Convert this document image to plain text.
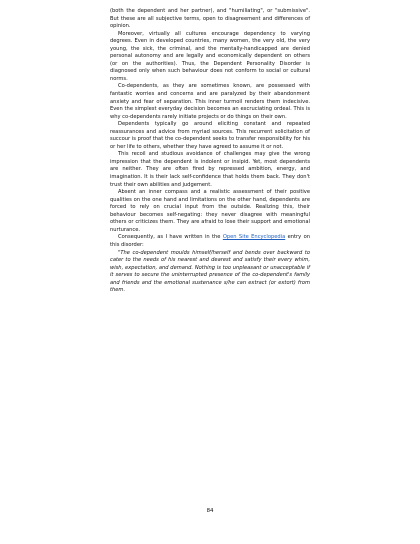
(both the dependent and her partner), and "humiliating", or "submissive". But these are all subjective terms, open to disagreement and differences of opinion.

Moreover, virtually all cultures encourage dependency to varying degrees. Even in developed countries, many women, the very old, the very young, the sick, the criminal, and the mentally-handicapped are denied personal autonomy and are legally and economically dependent on others (or on the authorities). Thus, the Dependent Personality Disorder is diagnosed only when such behaviour does not conform to social or cultural norms.

Co-dependents, as they are sometimes known, are possessed with fantastic worries and concerns and are paralyzed by their abandonment anxiety and fear of separation. This inner turmoil renders them indecisive. Even the simplest everyday decision becomes an excruciating ordeal. This is why co-dependents rarely initiate projects or do things on their own.

Dependents typically go around eliciting constant and repeated reassurances and advice from myriad sources. This recurrent solicitation of succour is proof that the co-dependent seeks to transfer responsibility for his or her life to others, whether they have agreed to assume it or not.

This recoil and studious avoidance of challenges may give the wrong impression that the dependent is indolent or insipid. Yet, most dependents are neither. They are often fired by repressed ambition, energy, and imagination. It is their lack self-confidence that holds them back. They don't trust their own abilities and judgement.

Absent an inner compass and a realistic assessment of their positive qualities on the one hand and limitations on the other hand, dependents are forced to rely on crucial input from the outside. Realizing this, their behaviour becomes self-negating: they never disagree with meaningful others or criticizes them. They are afraid to lose their support and emotional nurturance.

Consequently, as I have written in the Open Site Encyclopedia entry on this disorder:

"The co-dependent moulds himself/herself and bends over backward to cater to the needs of his nearest and dearest and satisfy their every whim, wish, expectation, and demand. Nothing is too unpleasant or unacceptable if it serves to secure the uninterrupted presence of the co-dependent's family and friends and the emotional sustenance s/he can extract (or extort) from them.

84
